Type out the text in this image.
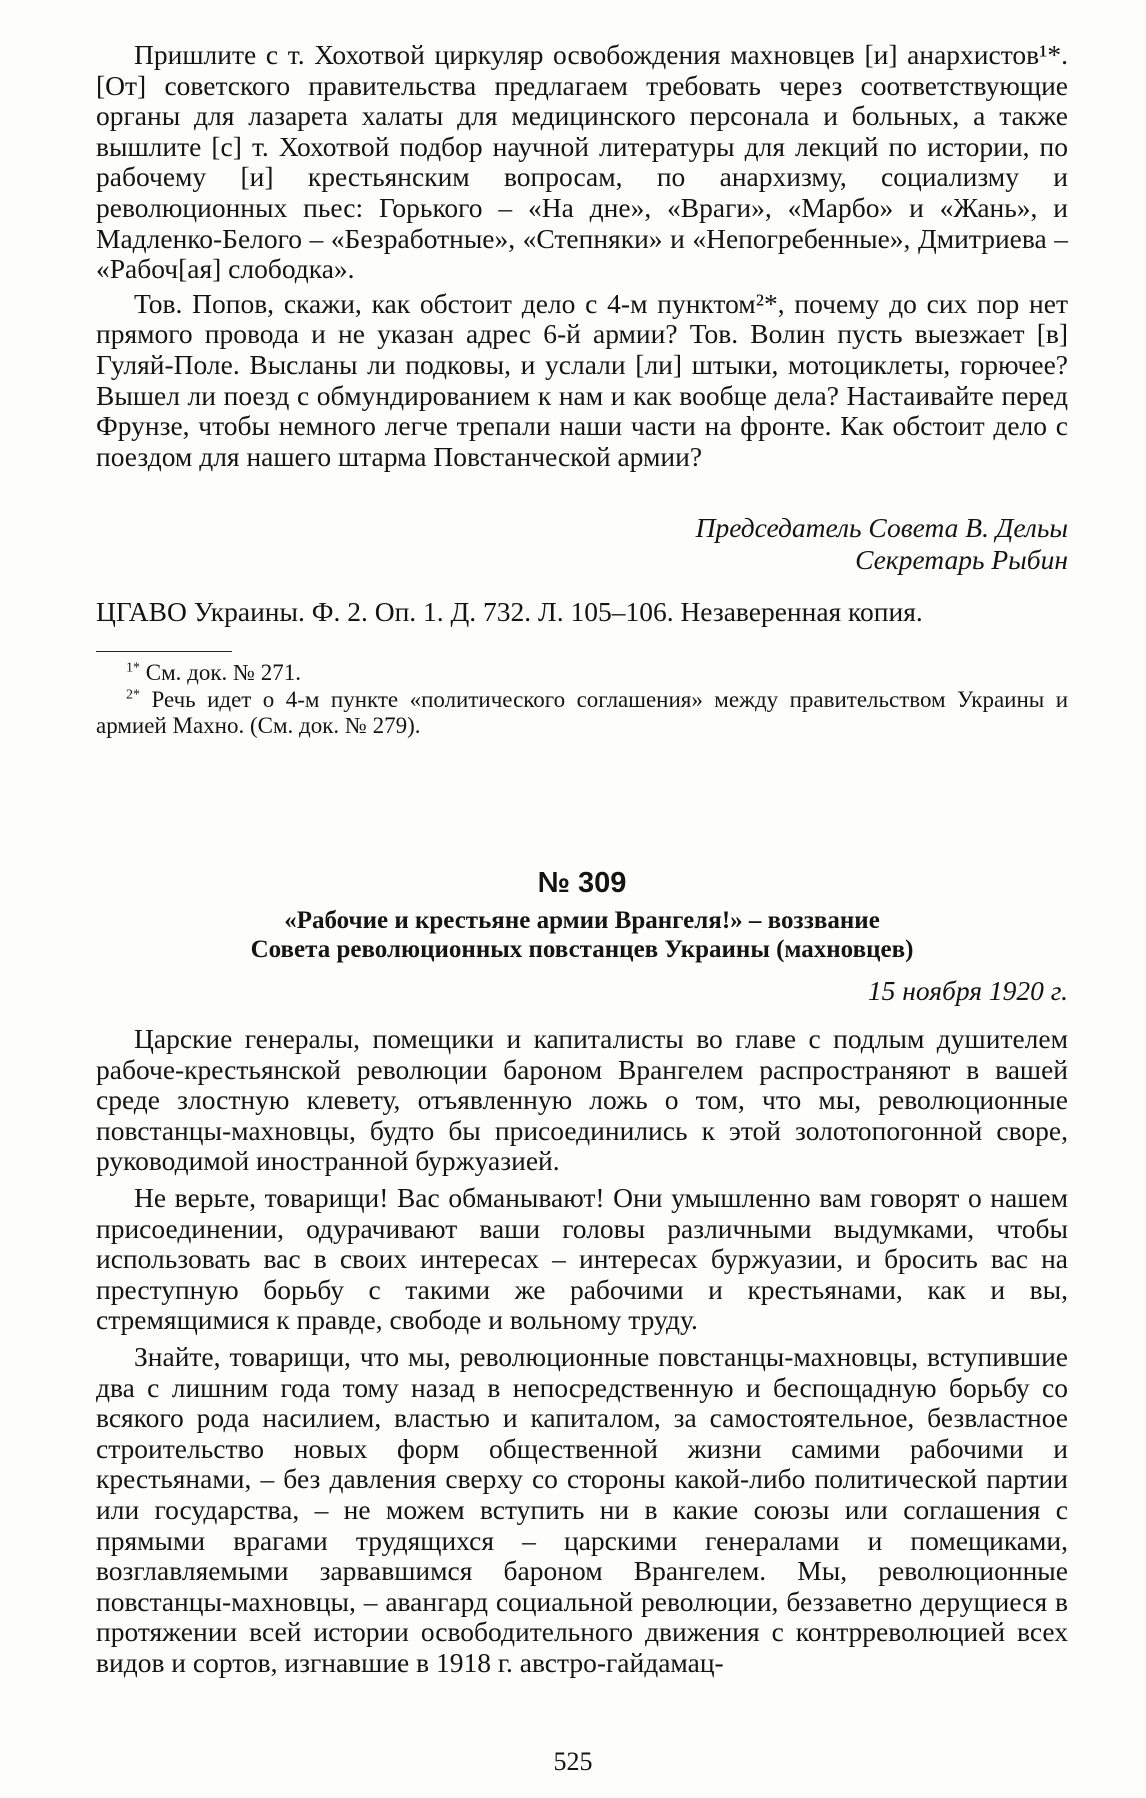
Пришлите с т. Хохотвой циркуляр освобождения махновцев [и] анархистов¹*. [От] советского правительства предлагаем требовать через соответствующие органы для лазарета халаты для медицинского персонала и больных, а также вышлите [с] т. Хохотвой подбор научной литературы для лекций по истории, по рабочему [и] крестьянским вопросам, по анархизму, социализму и революционных пьес: Горького – «На дне», «Враги», «Марбо» и «Жань», и Мадленко-Белого – «Безработные», «Степняки» и «Непогребенные», Дмитриева – «Рабоч[ая] слободка».

Тов. Попов, скажи, как обстоит дело с 4-м пунктом²*, почему до сих пор нет прямого провода и не указан адрес 6-й армии? Тов. Волин пусть выезжает [в] Гуляй-Поле. Высланы ли подковы, и услали [ли] штыки, мотоциклеты, горючее? Вышел ли поезд с обмундированием к нам и как вообще дела? Настаивайте перед Фрунзе, чтобы немного легче трепали наши части на фронте. Как обстоит дело с поездом для нашего штарма Повстанческой армии?

Председатель Совета В. Дельы
Секретарь Рыбин
ЦГАВО Украины. Ф. 2. Оп. 1. Д. 732. Л. 105–106. Незаверенная копия.

$^{1*}$ См. док. № 271.

$^{2*}$ Речь идет о 4-м пункте «политического соглашения» между правительством Украины и армией Махно. (См. док. № 279).

№ 309
«Рабочие и крестьяне армии Врангеля!» – воззвание
Совета революционных повстанцев Украины (махновцев)
15 ноября 1920 г.

Царские генералы, помещики и капиталисты во главе с подлым душителем рабоче-крестьянской революции бароном Врангелем распространяют в вашей среде злостную клевету, отъявленную ложь о том, что мы, революционные повстанцы-махновцы, будто бы присоединились к этой золотопогонной своре, руководимой иностранной буржуазией.

Не верьте, товарищи! Вас обманывают! Они умышленно вам говорят о нашем присоединении, одурачивают ваши головы различными выдумками, чтобы использовать вас в своих интересах – интересах буржуазии, и бросить вас на преступную борьбу с такими же рабочими и крестьянами, как и вы, стремящимися к правде, свободе и вольному труду.

Знайте, товарищи, что мы, революционные повстанцы-махновцы, вступившие два с лишним года тому назад в непосредственную и беспощадную борьбу со всякого рода насилием, властью и капиталом, за самостоятельное, безвластное строительство новых форм общественной жизни самими рабочими и крестьянами, – без давления сверху со стороны какой-либо политической партии или государства, – не можем вступить ни в какие союзы или соглашения с прямыми врагами трудящихся – царскими генералами и помещиками, возглавляемыми зарвавшимся бароном Врангелем. Мы, революционные повстанцы-махновцы, – авангард социальной революции, беззаветно дерущиеся в протяжении всей истории освободительного движения с контрреволюцией всех видов и сортов, изгнавшие в 1918 г. австро-гайдамац-

525
